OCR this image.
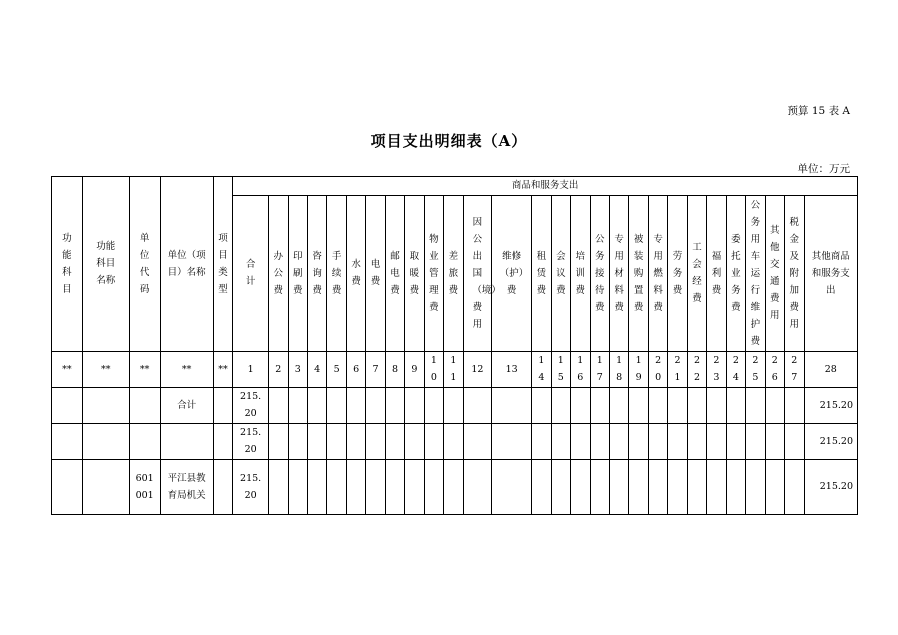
预算 15 表 A
项目支出明细表（A）
单位：万元
功能科目	功能科目名称	单位代码	单位（项目）名称	项目类型	商品和服务支出																											
					合计	办公费	印刷费	咨询费	手续费	水费	电费	邮电费	取暖费	物业管理费	差旅费	因公出国（境）费用	维修（护）费	租赁费	会议费	培训费	公务接待费	专用材料费	被装购置费	专用燃料费	劳务费	工会经费	福利费	委托业务费	公务用车运行维护费	其他交通费用	税金及附加费用	其他商品和服务支出
**	**	**	**	**	1	2	3	4	5	6	7	8	9	10	11	12	13	14	15	16	17	18	19	20	21	22	23	24	25	26	27	28
			合计		215.20																											215.20
					215.20																											215.20
		601001	平江县教育局机关		215.20																											215.20
